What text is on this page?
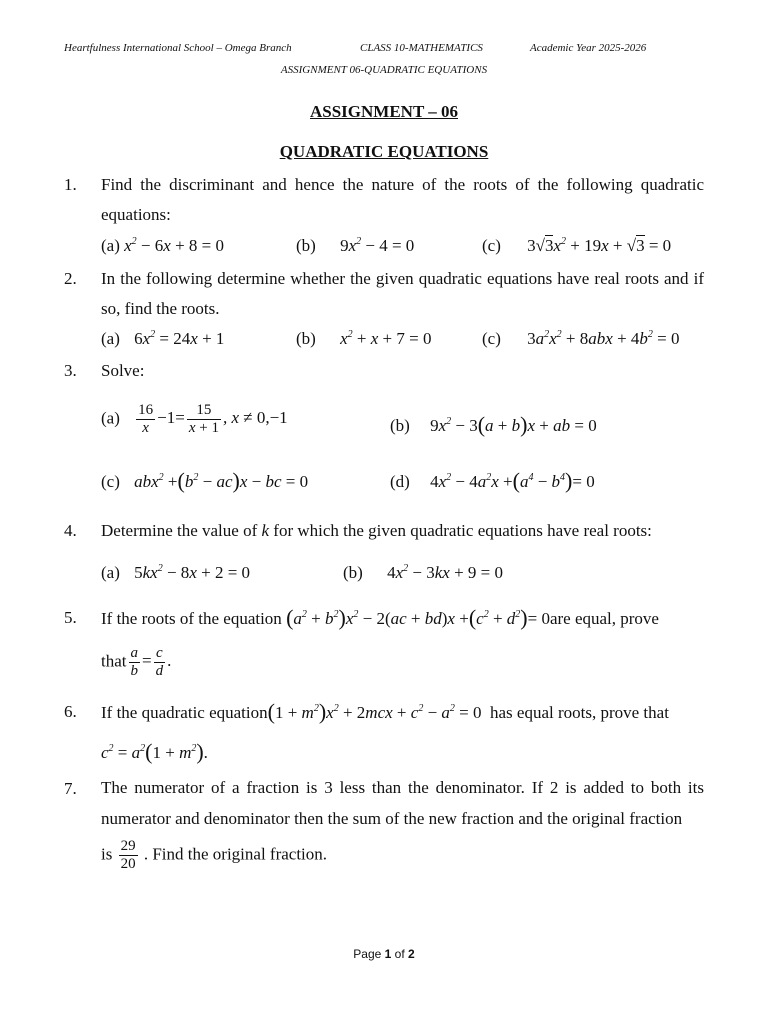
Heartfulness International School – Omega Branch	CLASS 10-MATHEMATICS	Academic Year 2025-2026
ASSIGNMENT 06-QUADRATIC EQUATIONS
ASSIGNMENT – 06
QUADRATIC EQUATIONS
1. Find the discriminant and hence the nature of the roots of the following quadratic equations:
(a) $x^2 - 6x + 8 = 0$	(b) $9x^2 - 4 = 0$	(c) $3√3x^2 + 19x + √3 = 0$
2. In the following determine whether the given quadratic equations have real roots and if so, find the roots.
(a) $6x^2 = 24x + 1$	(b) $x^2 + x + 7 = 0$	(c) $3a^2x^2 + 8abx + 4b^2 = 0$
3. Solve:
$(a) \frac{16}{x} -1= \frac{15}{x + 1}$ , x ≠ 0,−1	(b) $9x^2 - 3(a + b)x$ + ab = 0
(c) $abx^2 +(b^2 - ac)x$ − bc = 0	(d) $4x^2 - 4a^2x +(a^4 - b^4)= 0$
4. Determine the value of k for which the given quadratic equations have real roots:
(a) $5kx^2 - 8x + 2 = 0$	(b) $4x^2 - 3kx + 9 = 0$
5. If the roots of the equation $(a^2 + b^2)x^2 - 2(ac + bd)x +(c^2 + d^2)= 0are$ equal, prove
that $\frac{a}{b} = \frac{c}{d}$ .
6. If the quadratic equation(1 + $m^2)x^2 + 2mcx + c^2 - a^2 = 0$ has equal roots, prove that
$c^2 = a^2(1 + m^2)$.
7. The numerator of a fraction is 3 less than the denominator. If 2 is added to both its numerator and denominator then the sum of the new fraction and the original fraction
is $\frac{29}{20}$ . Find the original fraction.
Page 1 of 2
